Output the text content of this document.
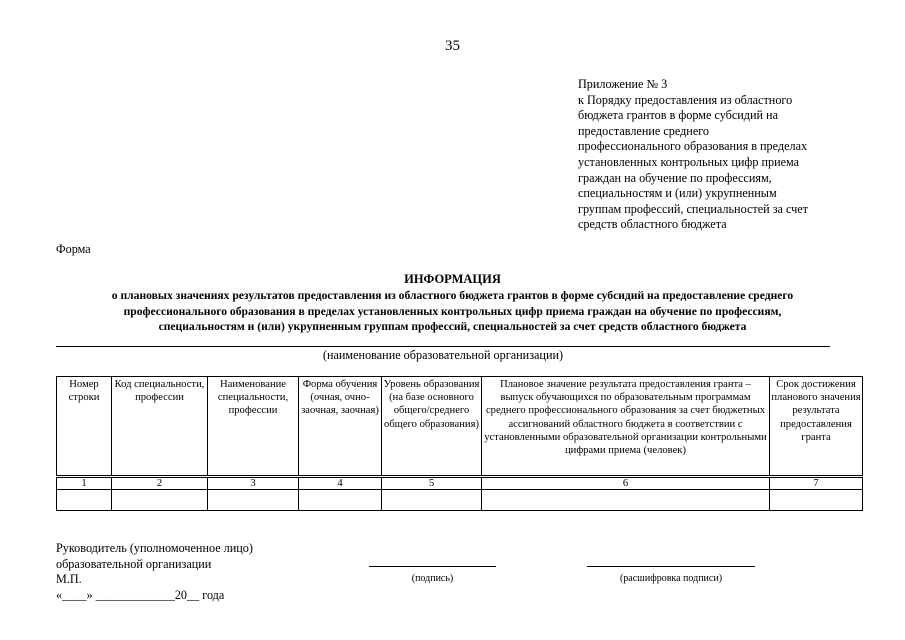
35
Приложение № 3
к Порядку предоставления из областного
бюджета грантов в форме субсидий на
предоставление среднего
профессионального образования в пределах
установленных контрольных цифр приема
граждан на обучение по профессиям,
специальностям и (или) укрупненным
группам профессий, специальностей за счет
средств областного бюджета
Форма
ИНФОРМАЦИЯ
о плановых значениях результатов предоставления из областного бюджета грантов в форме субсидий на предоставление среднего
профессионального образования в пределах установленных контрольных цифр приема граждан на обучение по профессиям,
специальностям и (или) укрупненным группам профессий, специальностей за счет средств областного бюджета
(наименование образовательной организации)
Номер строки	Код специальности, профессии	Наименование специальности, профессии	Форма обучения (очная, очно-заочная, заочная)	Уровень образования (на базе основного общего/среднего общего образования)	Плановое значение результата предоставления гранта – выпуск обучающихся по образовательным программам среднего профессионального образования за счет бюджетных ассигнований областного бюджета в соответствии с установленными образовательной организации контрольными цифрами приема (человек)	Срок достижения планового значения результата предоставления гранта
1	2	3	4	5	6	7

Руководитель (уполномоченное лицо)
образовательной организации
М.П.
«____» _____________20__ года
(подпись)	(расшифровка подписи)
